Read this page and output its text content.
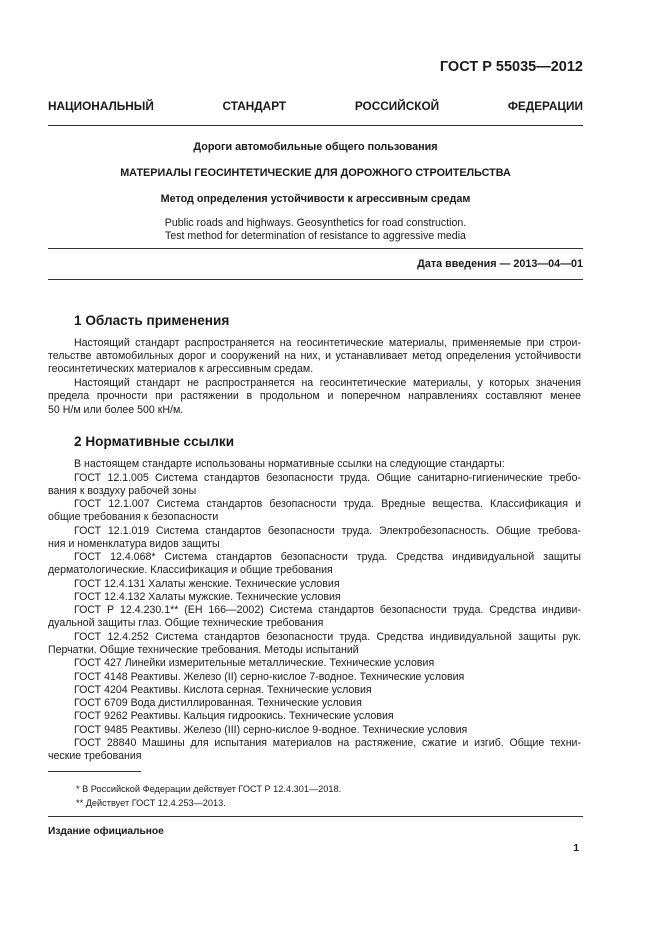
ГОСТ Р 55035—2012
НАЦИОНАЛЬНЫЙ СТАНДАРТ РОССИЙСКОЙ ФЕДЕРАЦИИ
Дороги автомобильные общего пользования
МАТЕРИАЛЫ ГЕОСИНТЕТИЧЕСКИЕ ДЛЯ ДОРОЖНОГО СТРОИТЕЛЬСТВА
Метод определения устойчивости к агрессивным средам
Public roads and highways. Geosynthetics for road construction.
Test method for determination of resistance to aggressive media
Дата введения — 2013—04—01
1 Область применения
Настоящий стандарт распространяется на геосинтетические материалы, применяемые при строи-
тельстве автомобильных дорог и сооружений на них, и устанавливает метод определения устойчивости
геосинтетических материалов к агрессивным средам.
Настоящий стандарт не распространяется на геосинтетические материалы, у которых значения
предела прочности при растяжении в продольном и поперечном направлениях составляют менее
50 Н/м или более 500 кН/м.
2 Нормативные ссылки
В настоящем стандарте использованы нормативные ссылки на следующие стандарты:
ГОСТ 12.1.005 Система стандартов безопасности труда. Общие санитарно-гигиенические требо-
вания к воздуху рабочей зоны
ГОСТ 12.1.007 Система стандартов безопасности труда. Вредные вещества. Классификация и
общие требования к безопасности
ГОСТ 12.1.019 Система стандартов безопасности труда. Электробезопасность. Общие требова-
ния и номенклатура видов защиты
ГОСТ 12.4.068* Система стандартов безопасности труда. Средства индивидуальной защиты
дерматологические. Классификация и общие требования
ГОСТ 12.4.131 Халаты женские. Технические условия
ГОСТ 12.4.132 Халаты мужские. Технические условия
ГОСТ Р 12.4.230.1** (ЕН 166—2002) Система стандартов безопасности труда. Средства индиви-
дуальной защиты глаз. Общие технические требования
ГОСТ 12.4.252 Система стандартов безопасности труда. Средства индивидуальной защиты рук.
Перчатки. Общие технические требования. Методы испытаний
ГОСТ 427 Линейки измерительные металлические. Технические условия
ГОСТ 4148 Реактивы. Железо (II) серно-кислое 7-водное. Технические условия
ГОСТ 4204 Реактивы. Кислота серная. Технические условия
ГОСТ 6709 Вода дистиллированная. Технические условия
ГОСТ 9262 Реактивы. Кальция гидроокись. Технические условия
ГОСТ 9485 Реактивы. Железо (III) серно-кислое 9-водное. Технические условия
ГОСТ 28840 Машины для испытания материалов на растяжение, сжатие и изгиб. Общие техни-
ческие требования
* В Российской Федерации действует ГОСТ Р 12.4.301—2018.
** Действует ГОСТ 12.4.253—2013.
Издание официальное
1
